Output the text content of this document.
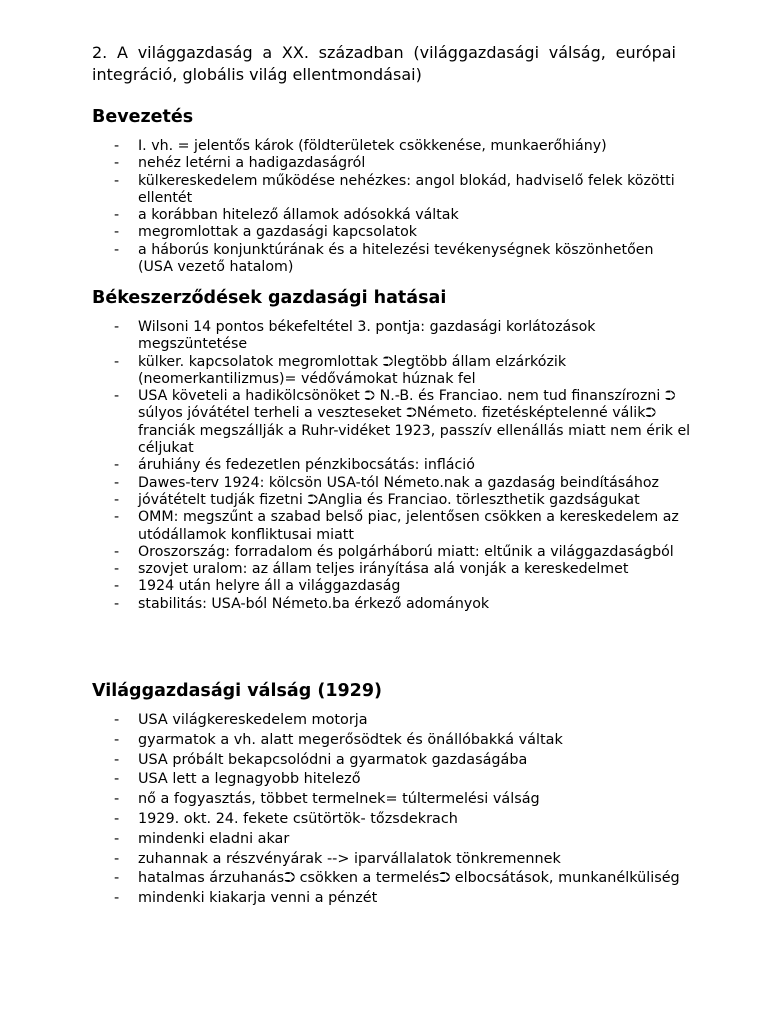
2. A világgazdaság a XX. században (világgazdasági válság, európai integráció, globális világ ellentmondásai)

Bevezetés
- I. vh. = jelentős károk (földterületek csökkenése, munkaerőhiány)
- nehéz letérni a hadigazdaságról
- külkereskedelem működése nehézkes: angol blokád, hadviselő felek közötti ellentét
- a korábban hitelező államok adósokká váltak
- megromlottak a gazdasági kapcsolatok
- a háborús konjunktúrának és a hitelezési tevékenységnek köszönhetően (USA vezető hatalom)
Békeszerződések gazdasági hatásai
- Wilsoni 14 pontos békefeltétel 3. pontja: gazdasági korlátozások megszüntetése
- külker. kapcsolatok megromlottak ⮊legtöbb állam elzárkózik (neomerkantilizmus)= védővámokat húznak fel
- USA követeli a hadikölcsönöket ⮊ N.-B. és Franciao. nem tud finanszírozni ⮊ súlyos jóvátétel terheli a veszteseket ⮊Németo. fizetésképtelenné válik⮊ franciák megszállják a Ruhr-vidéket 1923, passzív ellenállás miatt nem érik el céljukat
- áruhiány és fedezetlen pénzkibocsátás: infláció
- Dawes-terv 1924: kölcsön USA-tól Németo.nak a gazdaság beindításához
- jóvátételt tudják fizetni ⮊Anglia és Franciao. törleszthetik gazdságukat
- OMM: megszűnt a szabad belső piac, jelentősen csökken a kereskedelem az utódállamok konfliktusai miatt
- Oroszország: forradalom és polgárháború miatt: eltűnik a világgazdaságból
- szovjet uralom: az állam teljes irányítása alá vonják a kereskedelmet
- 1924 után helyre áll a világgazdaság
- stabilitás: USA-ból Németo.ba érkező adományok
Világgazdasági válság (1929)
- USA világkereskedelem motorja
- gyarmatok a vh. alatt megerősödtek és önállóbakká váltak
- USA próbált bekapcsolódni a gyarmatok gazdaságába
- USA lett a legnagyobb hitelező
- nő a fogyasztás, többet termelnek= túltermelési válság
- 1929. okt. 24. fekete csütörtök- tőzsdekrach
- mindenki eladni akar
- zuhannak a részvényárak --> iparvállalatok tönkremennek
- hatalmas árzuhanás⮊ csökken a termelés⮊ elbocsátások, munkanélküliség
- mindenki kiakarja venni a pénzét
